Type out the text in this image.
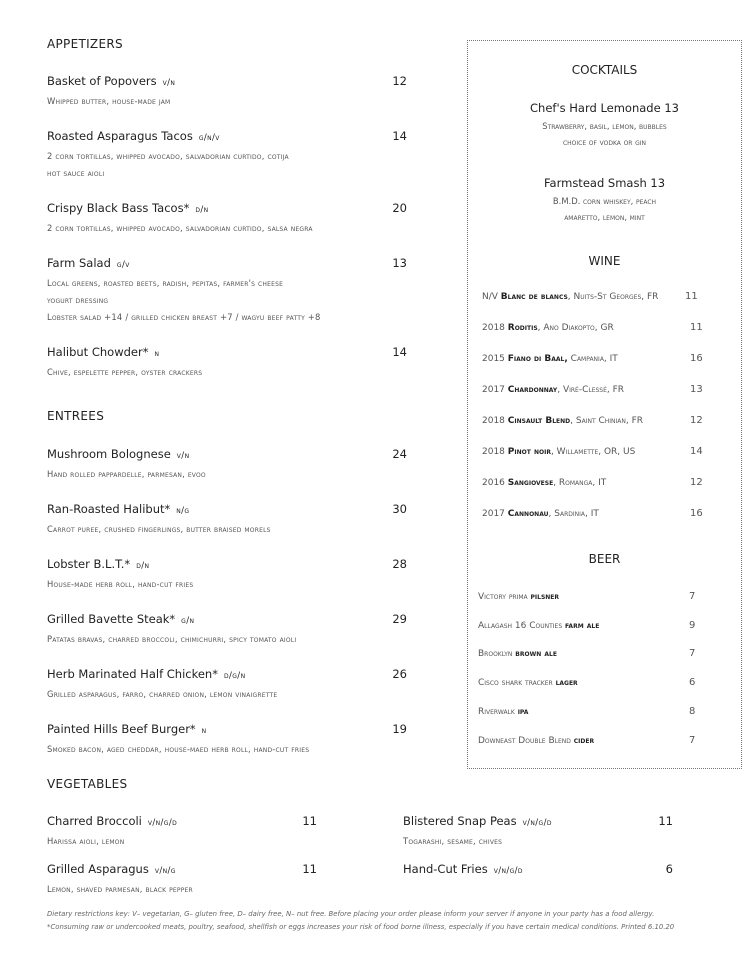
APPETIZERS
Basket of Popovers v/n	12
Whipped butter, house-made jam
Roasted Asparagus Tacos g/n/v	14
2 corn tortillas, whipped avocado, salvadorian curtido, cotija
hot sauce aioli
Crispy Black Bass Tacos* d/n	20
2 corn tortillas, whipped avocado, salvadorian curtido, salsa negra
Farm Salad g/v	13
Local greens, roasted beets, radish, pepitas, farmer's cheese
yogurt dressing
Lobster salad +14 / grilled chicken breast +7 / wagyu beef patty +8
Halibut Chowder* n	14
Chive, espelette pepper, oyster crackers
ENTREES
Mushroom Bolognese v/n	24
Hand rolled pappardelle, parmesan, evoo
Ran-Roasted Halibut* n/g	30
Carrot puree, crushed fingerlings, butter braised morels
Lobster B.L.T.* d/n	28
House-made herb roll, hand-cut fries
Grilled Bavette Steak* g/n	29
Patatas bravas, charred broccoli, chimichurri, spicy tomato aioli
Herb Marinated Half Chicken* d/g/n	26
Grilled asparagus, farro, charred onion, lemon vinaigrette
Painted Hills Beef Burger* n	19
Smoked bacon, aged cheddar, house-maed herb roll, hand-cut fries
VEGETABLES
Charred Broccoli v/n/g/d	11
Harissa aioli, lemon
Grilled Asparagus v/n/g	11
Lemon, shaved parmesan, black pepper
Blistered Snap Peas v/n/g/d	11
Togarashi, sesame, chives
Hand-Cut Fries v/n/g/d	6
COCKTAILS
WINE
BEER
Chef's Hard Lemonade 13
Strawberry, basil, lemon, bubbles
choice of vodka or gin
Farmstead Smash 13
B.M.D. corn whiskey, peach
amaretto, lemon, mint
N/V Blanc de blancs, Nuits-St Georges, FR	11
2018 Roditis, Ano Diakopto, GR	11
2015 Fiano di Baal, Campania, IT	16
2017 Chardonnay, Viré-Clessé, FR	13
2018 Cinsault Blend, Saint Chinian, FR	12
2018 Pinot noir, Willamette, OR, US	14
2016 Sangiovese, Romanga, IT	12
2017 Cannonau, Sardinia, IT	16
Victory prima pilsner	7
Allagash 16 Counties farm ale	9
Brooklyn brown ale	7
Cisco shark tracker lager	6
Riverwalk ipa	8
Downeast Double Blend cider	7
Dietary restrictions key: V– vegetarian, G– gluten free, D– dairy free, N– nut free. Before placing your order please inform your server if anyone in your party has a food allergy.
*Consuming raw or undercooked meats, poultry, seafood, shellfish or eggs increases your risk of food borne illness, especially if you have certain medical conditions. Printed 6.10.20
